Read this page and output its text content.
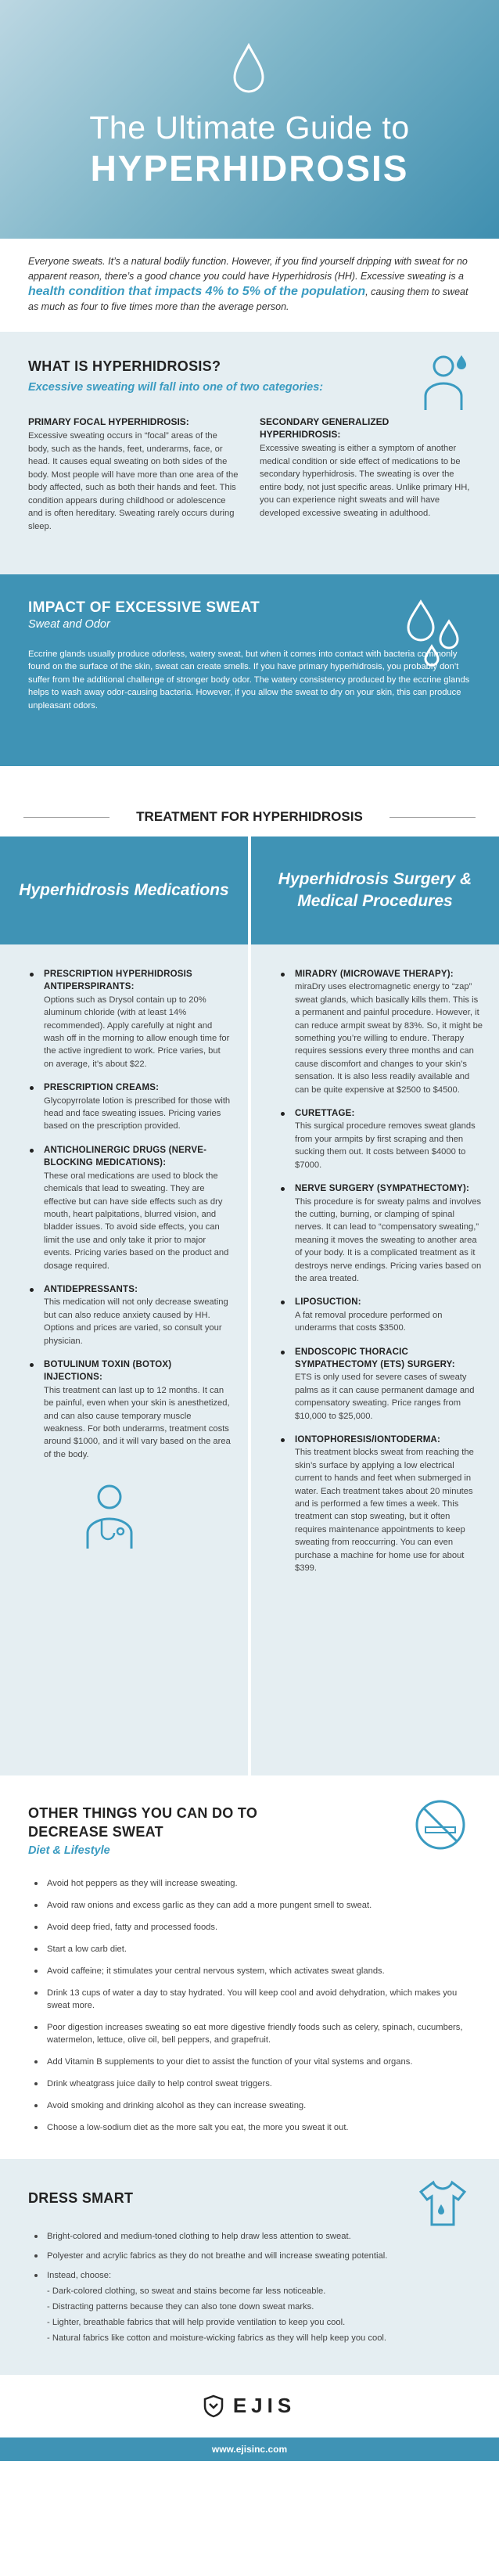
The Ultimate Guide to
HYPERHIDROSIS
Everyone sweats. It’s a natural bodily function. However, if you find yourself dripping with sweat for no apparent reason, there’s a good chance you could have Hyperhidrosis (HH). Excessive sweating is a health condition that impacts 4% to 5% of the population, causing them to sweat as much as four to five times more than the average person.
WHAT IS HYPERHIDROSIS?
Excessive sweating will fall into one of two categories:
PRIMARY FOCAL HYPERHIDROSIS:
Excessive sweating occurs in “focal” areas of the body, such as the hands, feet, underarms, face, or head. It causes equal sweating on both sides of the body. Most people will have more than one area of the body affected, such as both their hands and feet. This condition appears during childhood or adolescence and is often hereditary. Sweating rarely occurs during sleep.
SECONDARY GENERALIZED HYPERHIDROSIS:
Excessive sweating is either a symptom of another medical condition or side effect of medications to be secondary hyperhidrosis. The sweating is over the entire body, not just specific areas. Unlike primary HH, you can experience night sweats and will have developed excessive sweating in adulthood.
IMPACT OF EXCESSIVE SWEAT
Sweat and Odor

Eccrine glands usually produce odorless, watery sweat, but when it comes into contact with bacteria commonly found on the surface of the skin, sweat can create smells. If you have primary hyperhidrosis, you probably don’t suffer from the additional challenge of stronger body odor. The watery consistency produced by the eccrine glands helps to wash away odor-causing bacteria. However, if you allow the sweat to dry on your skin, this can produce unpleasant odors.

TREATMENT FOR HYPERHIDROSIS
Hyperhidrosis Medications
PRESCRIPTION HYPERHIDROSIS ANTIPERSPIRANTS:
Options such as Drysol contain up to 20% aluminum chloride (with at least 14% recommended). Apply carefully at night and wash off in the morning to allow enough time for the active ingredient to work. Price varies, but on average, it’s about $22.
PRESCRIPTION CREAMS:
Glycopyrrolate lotion is prescribed for those with head and face sweating issues. Pricing varies based on the prescription provided.
ANTICHOLINERGIC DRUGS (NERVE-BLOCKING MEDICATIONS):
These oral medications are used to block the chemicals that lead to sweating. They are effective but can have side effects such as dry mouth, heart palpitations, blurred vision, and bladder issues. To avoid side effects, you can limit the use and only take it prior to major events. Pricing varies based on the product and dosage required.
ANTIDEPRESSANTS:
This medication will not only decrease sweating but can also reduce anxiety caused by HH. Options and prices are varied, so consult your physician.
BOTULINUM TOXIN (BOTOX) INJECTIONS:
This treatment can last up to 12 months. It can be painful, even when your skin is anesthetized, and can also cause temporary muscle weakness. For both underarms, treatment costs around $1000, and it will vary based on the area of the body.
Hyperhidrosis Surgery & Medical Procedures
MIRADRY (MICROWAVE THERAPY):
miraDry uses electromagnetic energy to “zap” sweat glands, which basically kills them. This is a permanent and painful procedure. However, it can reduce armpit sweat by 83%. So, it might be something you’re willing to endure. Therapy requires sessions every three months and can cause discomfort and changes to your skin’s sensation. It is also less readily available and can be quite expensive at $2500 to $4500.
CURETTAGE:
This surgical procedure removes sweat glands from your armpits by first scraping and then sucking them out. It costs between $4000 to $7000.
NERVE SURGERY (SYMPATHECTOMY):
This procedure is for sweaty palms and involves the cutting, burning, or clamping of spinal nerves. It can lead to “compensatory sweating,” meaning it moves the sweating to another area of your body. It is a complicated treatment as it destroys nerve endings. Pricing varies based on the area treated.
LIPOSUCTION:
A fat removal procedure performed on underarms that costs $3500.
ENDOSCOPIC THORACIC SYMPATHECTOMY (ETS) SURGERY:
ETS is only used for severe cases of sweaty palms as it can cause permanent damage and compensatory sweating. Price ranges from $10,000 to $25,000.
IONTOPHORESIS/IONTODERMA:
This treatment blocks sweat from reaching the skin’s surface by applying a low electrical current to hands and feet when submerged in water. Each treatment takes about 20 minutes and is performed a few times a week. This treatment can stop sweating, but it often requires maintenance appointments to keep sweating from reoccurring. You can even purchase a machine for home use for about $399.
OTHER THINGS YOU CAN DO TO
DECREASE SWEAT
Diet & Lifestyle
Avoid hot peppers as they will increase sweating.
Avoid raw onions and excess garlic as they can add a more pungent smell to sweat.
Avoid deep fried, fatty and processed foods.
Start a low carb diet.
Avoid caffeine; it stimulates your central nervous system, which activates sweat glands.
Drink 13 cups of water a day to stay hydrated. You will keep cool and avoid dehydration, which makes you sweat more.
Poor digestion increases sweating so eat more digestive friendly foods such as celery, spinach, cucumbers, watermelon, lettuce, olive oil, bell peppers, and grapefruit.
Add Vitamin B supplements to your diet to assist the function of your vital systems and organs.
Drink wheatgrass juice daily to help control sweat triggers.
Avoid smoking and drinking alcohol as they can increase sweating.
Choose a low-sodium diet as the more salt you eat, the more you sweat it out.
DRESS SMART
Bright-colored and medium-toned clothing to help draw less attention to sweat.
Polyester and acrylic fabrics as they do not breathe and will increase sweating potential.
Instead, choose:
- Dark-colored clothing, so sweat and stains become far less noticeable.
- Distracting patterns because they can also tone down sweat marks.
- Lighter, breathable fabrics that will help provide ventilation to keep you cool.
- Natural fabrics like cotton and moisture-wicking fabrics as they will help keep you cool.
EJIS
www.ejisinc.com
